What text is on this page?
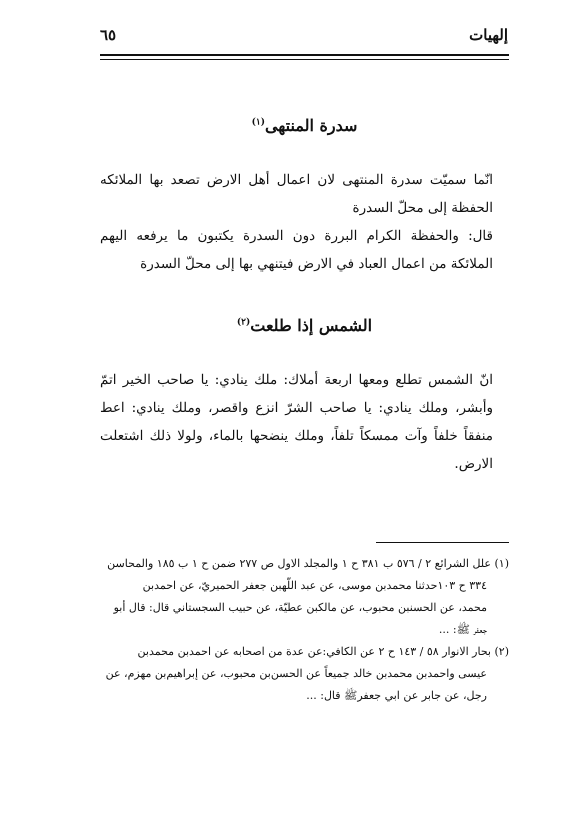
إلهيات
٦٥
سدرة المنتهى$^{(١)}$

انّما سميّت سدرة المنتهى لان اعمال أهل الارض تصعد بها الملائكه الحفظة إلى محلّ السدرة

قال: والحفظة الكرام البررة دون السدرة يكتبون ما يرفعه اليهم الملائكة من اعمال العباد في الارض فيتنهي بها إلى محلّ السدرة

الشمس إذا طلعت$^{(٢)}$

انّ الشمس تطلع ومعها اربعة أملاك: ملك ينادي: يا صاحب الخير اتمّ وأبشر، وملك ينادي: يا صاحب الشرّ انزع واقصر، وملك ينادي: اعط منفقاً خلفاً وآت ممسكاً تلفاً، وملك ينضحها بالماء، ولولا ذلك اشتعلت الارض.

(١) علل الشرائع ٢ / ٥٧٦ ب ٣٨١ ح ١ والمجلد الاول ص ٢٧٧ ضمن ح ١ ب ١٨٥ والمحاسن

٣٣٤ ح ١٠٣حدثنا محمدبن موسى، عن عبد اللّهبن جعفر الحميريّ، عن احمدبن

محمد، عن الحسنبن محبوب، عن مالكبن عطيّة، عن حبيب السجستاني قال: قال أبو

جعفر ﷺ: ...

(٢) بحار الانوار ٥٨ / ١٤٣ ح ٢ عن الكافي:عن عدة من اصحابه عن احمدبن محمدبن

عيسى واحمدبن محمدبن خالد جميعاً عن الحسن‌بن محبوب، عن إبراهيم‌بن مهزم، عن

رجل، عن جابر عن ابي جعفرﷺ قال: ...
